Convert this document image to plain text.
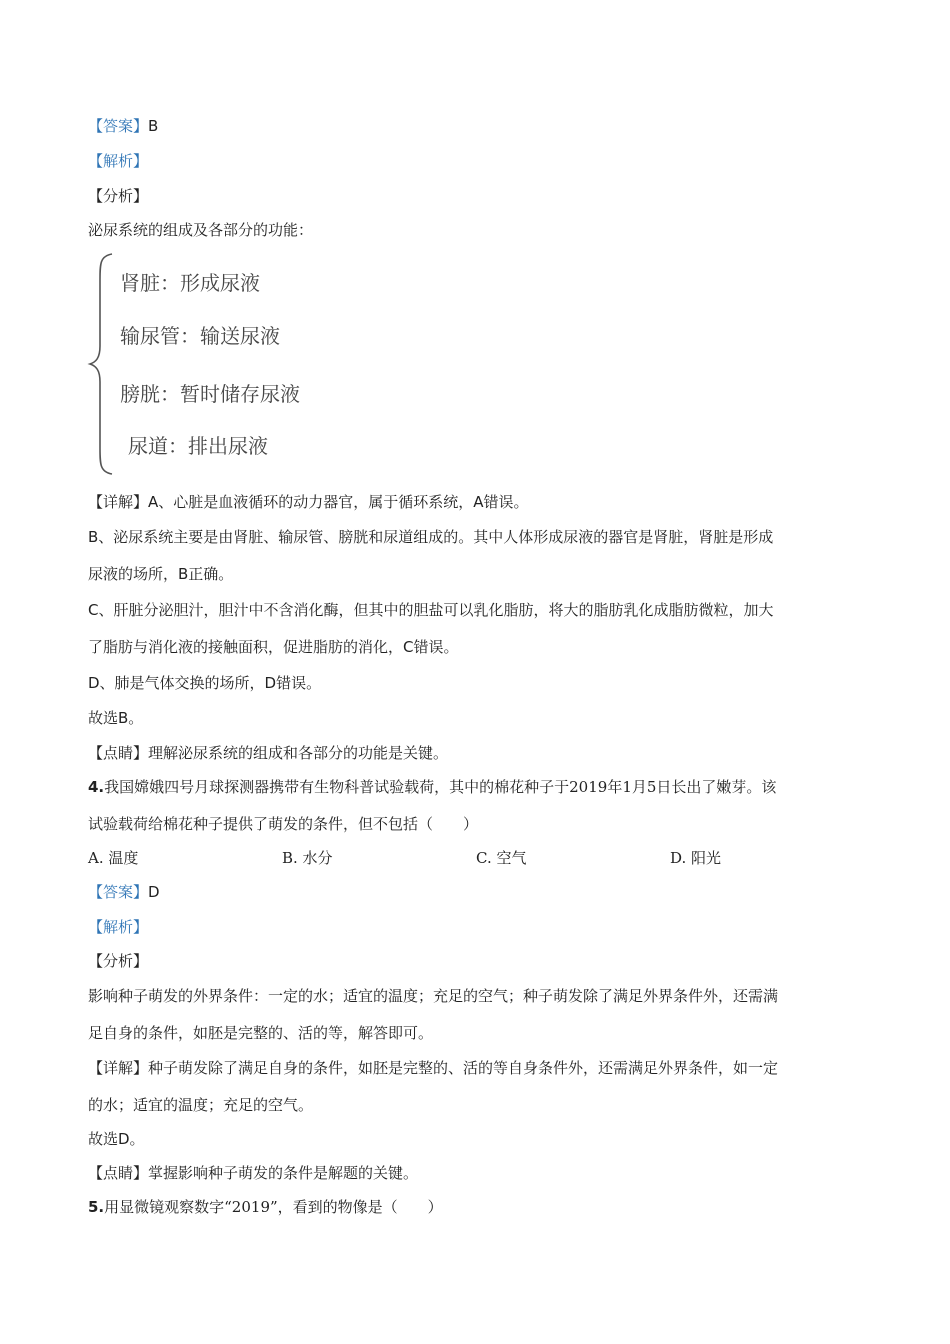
【答案】B
【解析】
【分析】
泌尿系统的组成及各部分的功能：
肾脏：形成尿液
输尿管：输送尿液
膀胱：暂时储存尿液
尿道：排出尿液
【详解】A、心脏是血液循环的动力器官，属于循环系统，A错误。
B、泌尿系统主要是由肾脏、输尿管、膀胱和尿道组成的。其中人体形成尿液的器官是肾脏，肾脏是形成
尿液的场所，B正确。
C、肝脏分泌胆汁，胆汁中不含消化酶，但其中的胆盐可以乳化脂肪，将大的脂肪乳化成脂肪微粒，加大
了脂肪与消化液的接触面积，促进脂肪的消化，C错误。
D、肺是气体交换的场所，D错误。
故选B。
【点睛】理解泌尿系统的组成和各部分的功能是关键。
4.我国嫦娥四号月球探测器携带有生物科普试验载荷，其中的棉花种子于2019年1月5日长出了嫩芽。该
试验载荷给棉花种子提供了萌发的条件，但不包括（　　）
A. 温度	B. 水分	C. 空气	D. 阳光
【答案】D
【解析】
【分析】
影响种子萌发的外界条件：一定的水；适宜的温度；充足的空气；种子萌发除了满足外界条件外，还需满
足自身的条件，如胚是完整的、活的等，解答即可。
【详解】种子萌发除了满足自身的条件，如胚是完整的、活的等自身条件外，还需满足外界条件，如一定
的水；适宜的温度；充足的空气。
故选D。
【点睛】掌握影响种子萌发的条件是解题的关键。
5.用显微镜观察数字“2019”，看到的物像是（　　）
